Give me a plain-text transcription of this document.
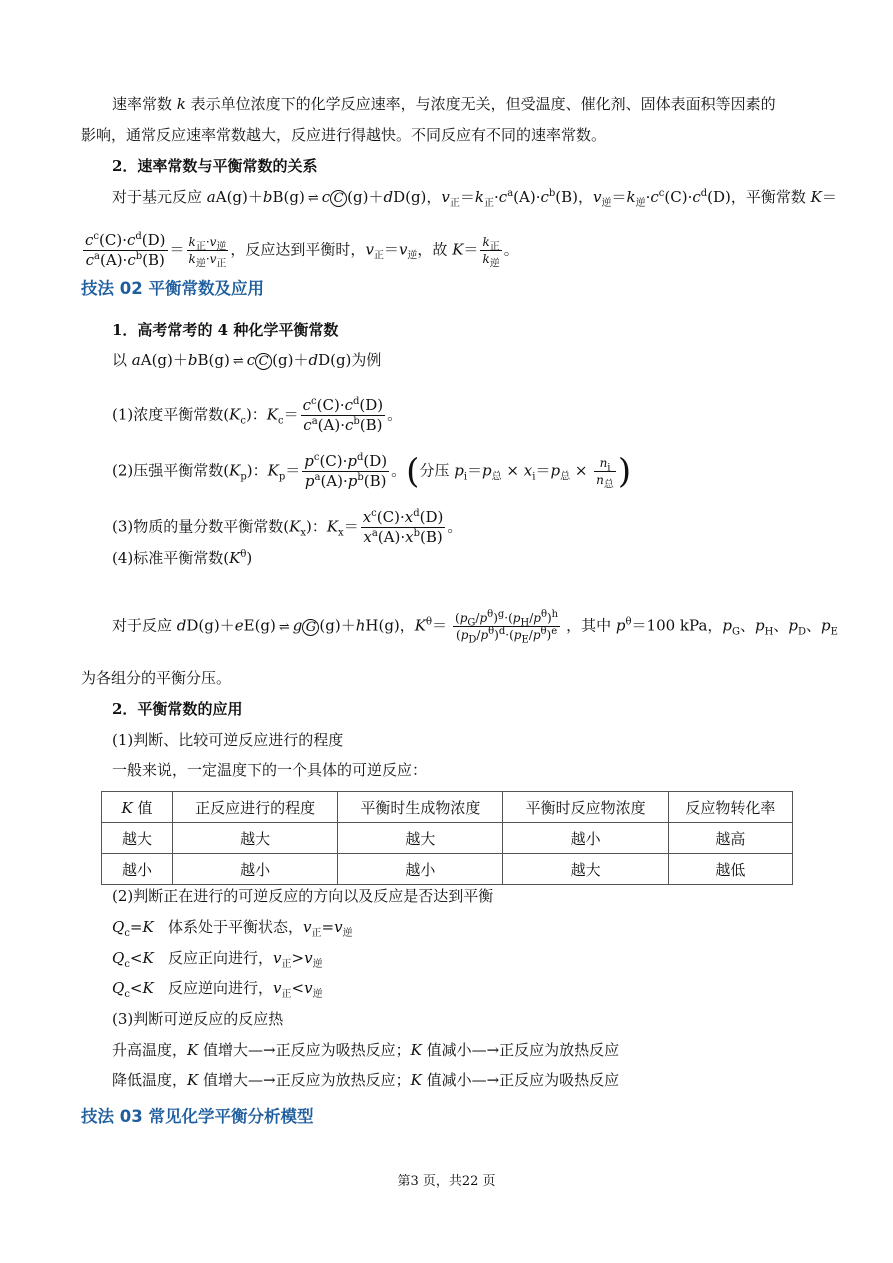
速率常数 k 表示单位浓度下的化学反应速率，与浓度无关，但受温度、催化剂、固体表面积等因素的
影响，通常反应速率常数越大，反应进行得越快。不同反应有不同的速率常数。
2．速率常数与平衡常数的关系
对于基元反应 aA(g)＋bB(g) ⇌ c C (g)＋dD(g)，$v_正=k_正\cdot c^a(A)\cdot c^b(B)$，$v_逆=k_逆\cdot c^c(C)\cdot c^d(D)$，平衡常数 K＝
$\frac{c^c(C)\cdot c^d(D)}{c^a(A)\cdot c^b(B)} = \frac{k_正\cdot v_逆}{k_逆\cdot v_正}$ ，反应达到平衡时，$v_正=v_逆$，故 $K= \frac{k_正}{k_逆}$ 。
技法 02 平衡常数及应用
1．高考常考的 4 种化学平衡常数
以 aA(g)＋bB(g) ⇌ c C (g)＋dD(g)为例
(1)浓度平衡常数$(K_c)$：$K_c= \frac{c^c(C)\cdot c^d(D)}{c^a(A)\cdot c^b(B)}$ 。
(2)压强平衡常数$(K_p)$：$K_p= \frac{p^c(C)\cdot p^d(D)}{p^a(A)\cdot p^b(B)}$ 。(分压 $p_i=p_总 \times x_i=p_总 \times \frac{n_i}{n_总}$ )
(3)物质的量分数平衡常数$(K_x)$：$K_x= \frac{x^c(C)\cdot x^d(D)}{x^a(A)\cdot x^b(B)}$ 。
(4)标准平衡常数$(K^\theta)$
对于反应 dD(g)＋eE(g) ⇌ g G (g)＋hH(g)，$K^\theta= \frac{(p_G/p^\theta)^g\cdot(p_H/p^\theta)^h}{(p_D/p^\theta)^d\cdot(p_E/p^\theta)^e}$ ，其中 $p^\theta=100$ kPa，$p_G$、$p_H$、$p_D$、$p_E$
为各组分的平衡分压。
2．平衡常数的应用
(1)判断、比较可逆反应进行的程度
一般来说，一定温度下的一个具体的可逆反应：
K 值	正反应进行的程度	平衡时生成物浓度	平衡时反应物浓度	反应物转化率
越大	越大	越大	越小	越高
越小	越小	越小	越大	越低
(2)判断正在进行的可逆反应的方向以及反应是否达到平衡
$Q_c=K$   体系处于平衡状态，$v_正=v_逆$
$Q_c<K$   反应正向进行，$v_正>v_逆$
$Q_c<K$   反应逆向进行，$v_正<v_逆$
(3)判断可逆反应的反应热
升高温度，K 值增大—→正反应为吸热反应；K 值减小—→正反应为放热反应
降低温度，K 值增大—→正反应为放热反应；K 值减小—→正反应为吸热反应
技法 03 常见化学平衡分析模型
第3 页，共22 页
